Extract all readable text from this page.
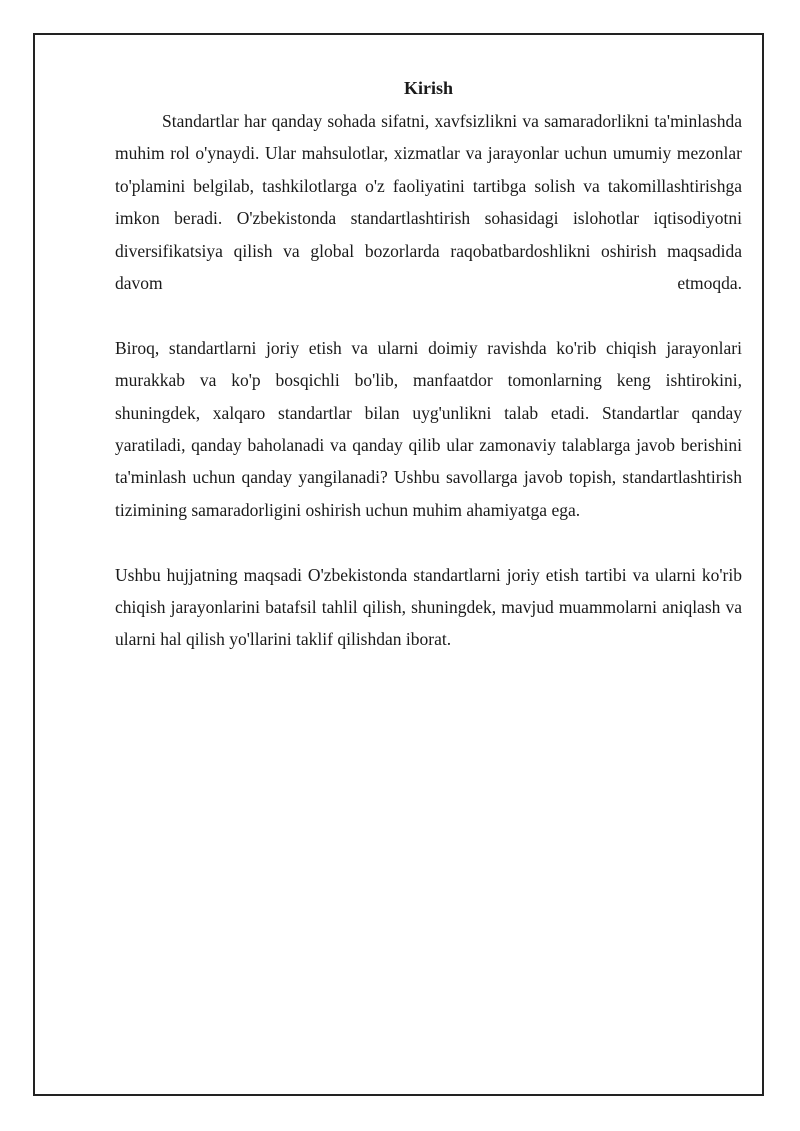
Kirish

Standartlar har qanday sohada sifatni, xavfsizlikni va samaradorlikni ta'minlashda muhim rol o'ynaydi. Ular mahsulotlar, xizmatlar va jarayonlar uchun umumiy mezonlar to'plamini belgilab, tashkilotlarga o'z faoliyatini tartibga solish va takomillashtirishga imkon beradi. O'zbekistonda standartlashtirish sohasidagi islohotlar iqtisodiyotni diversifikatsiya qilish va global bozorlarda raqobatbardoshlikni oshirish maqsadida davom etmoqda.

Biroq, standartlarni joriy etish va ularni doimiy ravishda ko'rib chiqish jarayonlari murakkab va ko'p bosqichli bo'lib, manfaatdor tomonlarning keng ishtirokini, shuningdek, xalqaro standartlar bilan uyg'unlikni talab etadi. Standartlar qanday yaratiladi, qanday baholanadi va qanday qilib ular zamonaviy talablarga javob berishini ta'minlash uchun qanday yangilanadi? Ushbu savollarga javob topish, standartlashtirish tizimining samaradorligini oshirish uchun muhim ahamiyatga ega.

Ushbu hujjatning maqsadi O'zbekistonda standartlarni joriy etish tartibi va ularni ko'rib chiqish jarayonlarini batafsil tahlil qilish, shuningdek, mavjud muammolarni aniqlash va ularni hal qilish yo'llarini taklif qilishdan iborat.
